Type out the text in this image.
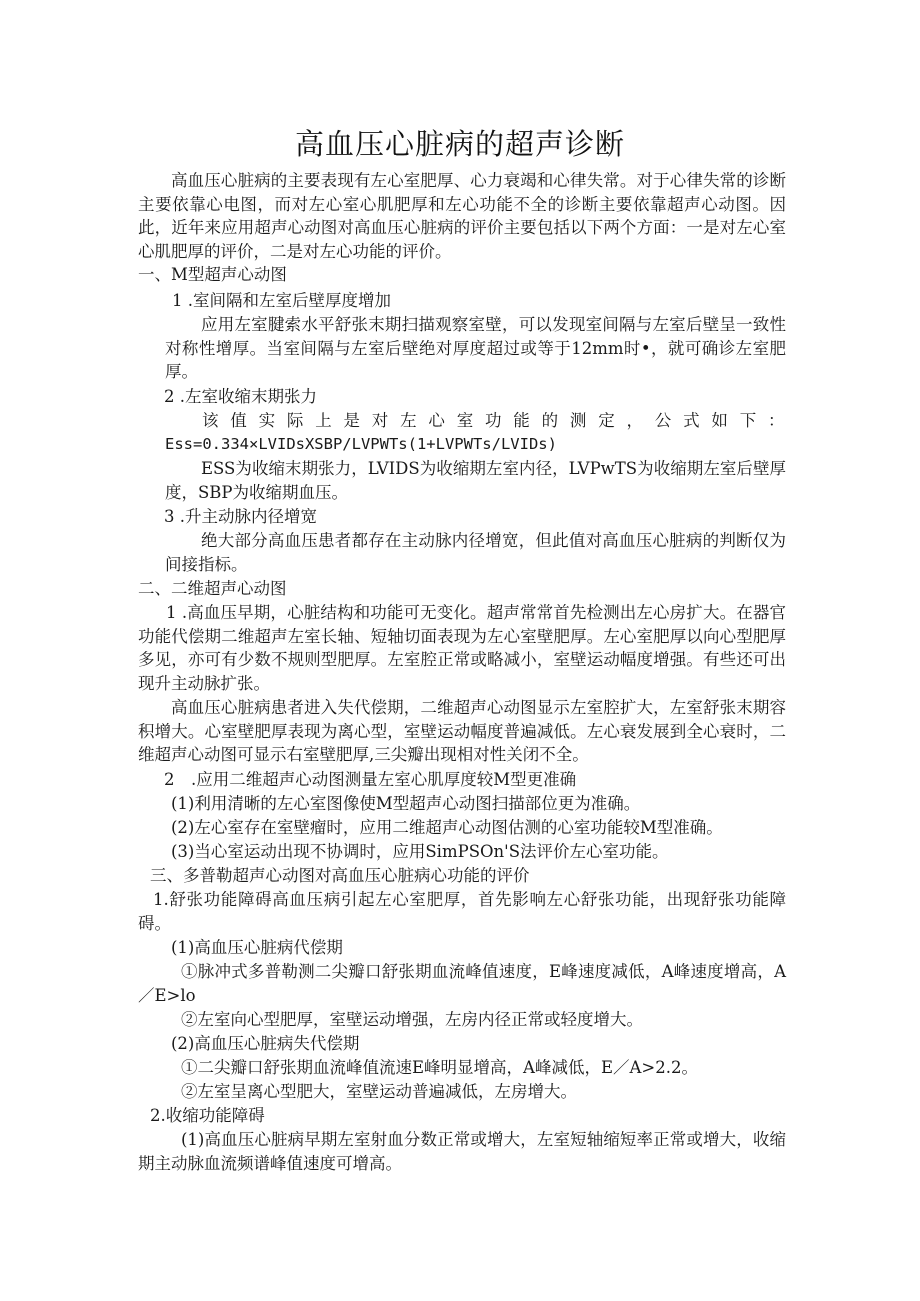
高血压心脏病的超声诊断

高血压心脏病的主要表现有左心室肥厚、心力衰竭和心律失常。对于心律失常的诊断主要依靠心电图，而对左心室心肌肥厚和左心功能不全的诊断主要依靠超声心动图。因此，近年来应用超声心动图对高血压心脏病的评价主要包括以下两个方面：一是对左心室心肌肥厚的评价，二是对左心功能的评价。

一、M型超声心动图

1 .室间隔和左室后壁厚度增加

应用左室腱索水平舒张末期扫描观察室壁，可以发现室间隔与左室后壁呈一致性对称性增厚。当室间隔与左室后壁绝对厚度超过或等于12mm时•，就可确诊左室肥厚。

2 .左室收缩末期张力

该值实际上是对左心室功能的测定，公式如下：

Ess=0.334×LVIDsXSBP/LVPWTs(1+LVPWTs/LVIDs)

ESS为收缩末期张力，LVIDS为收缩期左室内径，LVPwTS为收缩期左室后壁厚度，SBP为收缩期血压。

3 .升主动脉内径增宽

绝大部分高血压患者都存在主动脉内径增宽，但此值对高血压心脏病的判断仅为间接指标。

二、二维超声心动图

1 .高血压早期，心脏结构和功能可无变化。超声常常首先检测出左心房扩大。在器官功能代偿期二维超声左室长轴、短轴切面表现为左心室壁肥厚。左心室肥厚以向心型肥厚多见，亦可有少数不规则型肥厚。左室腔正常或略减小，室壁运动幅度增强。有些还可出现升主动脉扩张。

高血压心脏病患者进入失代偿期，二维超声心动图显示左室腔扩大，左室舒张末期容积增大。心室壁肥厚表现为离心型，室壁运动幅度普遍减低。左心衰发展到全心衰时，二维超声心动图可显示右室壁肥厚,三尖瓣出现相对性关闭不全。

2　.应用二维超声心动图测量左室心肌厚度较M型更准确

(1)利用清晰的左心室图像使M型超声心动图扫描部位更为准确。

(2)左心室存在室壁瘤时，应用二维超声心动图估测的心室功能较M型准确。

(3)当心室运动出现不协调时，应用SimPSOn'S法评价左心室功能。

三、多普勒超声心动图对高血压心脏病心功能的评价

1.舒张功能障碍高血压病引起左心室肥厚，首先影响左心舒张功能，出现舒张功能障碍。

(1)高血压心脏病代偿期

①脉冲式多普勒测二尖瓣口舒张期血流峰值速度，E峰速度减低，A峰速度增高，A／E>lo

②左室向心型肥厚，室壁运动增强，左房内径正常或轻度增大。

(2)高血压心脏病失代偿期

①二尖瓣口舒张期血流峰值流速E峰明显增高，A峰减低，E／A>2.2。

②左室呈离心型肥大，室壁运动普遍减低，左房增大。

2.收缩功能障碍

(1)高血压心脏病早期左室射血分数正常或增大，左室短轴缩短率正常或增大，收缩期主动脉血流频谱峰值速度可增高。
